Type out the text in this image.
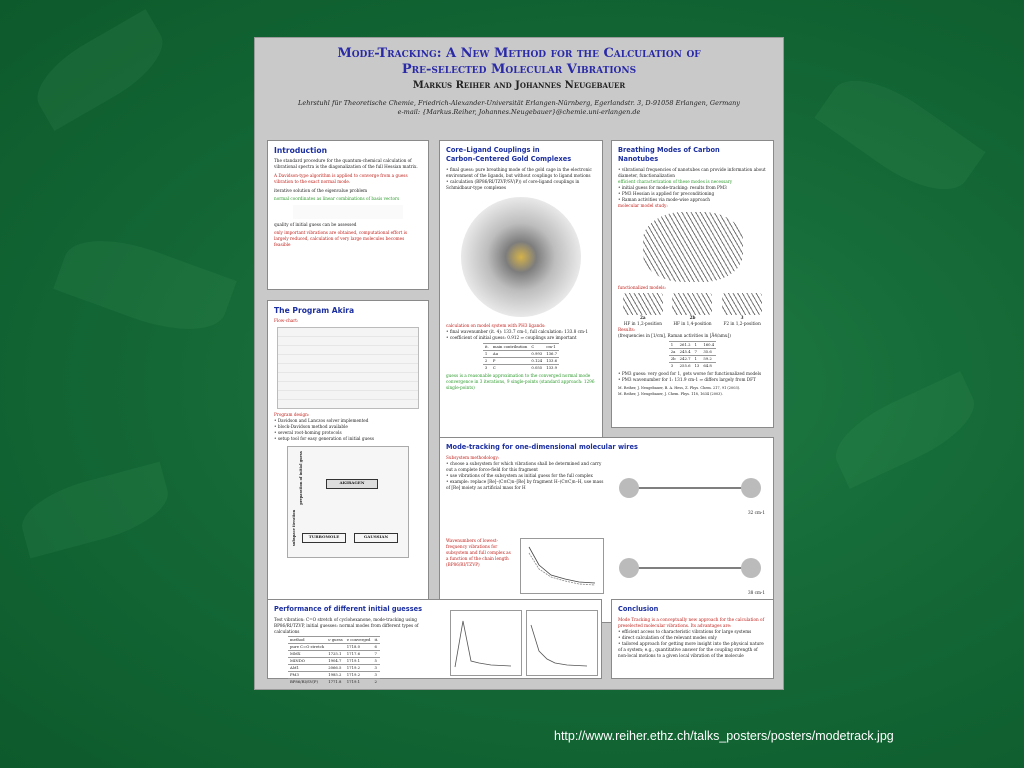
Mode-Tracking: A New Method for the Calculation of
Pre-selected Molecular Vibrations
Markus Reiher and Johannes Neugebauer
Lehrstuhl für Theoretische Chemie, Friedrich-Alexander-Universität Erlangen-Nürnberg, Egerlandstr. 3, D-91058 Erlangen, Germany
e-mail: {Markus.Reiher, Johannes.Neugebauer}@chemie.uni-erlangen.de
Introduction
The standard procedure for the quantum-chemical calculation of vibrational spectra is the diagonalization of the full Hessian matrix.
A Davidson-type algorithm is applied to converge from a guess vibration to the exact normal mode.
iterative solution of the eigenvalue problem
normal coordinates as linear combinations of basis vectors
quality of initial guess can be assessed
only important vibrations are obtained, computational effort is largely reduced, calculation of very large molecules becomes feasible
The Program Akira
Flow-chart:
Program design:
• Davidson and Lanczos solver implemented
• block-Davidson method available
• several root-homing protocols
• setup tool for easy generation of initial guess
preparation of initial guess
subspace iteration
AKIRAGEN
TURBOMOLE	GAUSSIAN
Core–Ligand Couplings in
Carbon-Centered Gold Complexes
• final guess: pure breathing mode of the gold cage in the electronic environment of the ligands, but without couplings to ligand motions
• calculation (BP86/RI/TZVP/SV(P)) of core-ligand couplings in Schmidbaur-type complexes
calculation on model system with PH3 ligands:
• final wavenumber (it. 4): 133.7 cm-1, full calculation: 133.8 cm-1
• coefficient of initial guess: 0.912 ⇒ couplings are important
it.	main contribution	C	cm-1
1	Au	0.993	136.7
2	P	0.124	133.6
3	C	0.055	133.9
guess is a reasonable approximation to the converged normal mode
convergence in 3 iterations, 9 single-points (standard approach: 1296 single-points)
Breathing Modes of Carbon
Nanotubes
• vibrational frequencies of nanotubes can provide information about diameter, functionalization
efficient characterization of these modes is necessary
• initial guess for mode-tracking: results from PM3
• PM3 Hessian is applied for preconditioning
• Raman activities via mode-wise approach
molecular model study:
functionalized models:
2a
HF in 1,2-position
2b
HF in 1,4-position
3
F2 in 1,2-position
Results:
(frequencies in [1/cm], Raman activities in [Å4/amu])
1	261.2	1	160.4
2a	245.4	7	35.6
2b	242.7	1	59.2
3	255.6	13	64.8
• PM3 guess: very good for 1, gets worse for functionalized models
• PM3 wavenumber for 1: 131.9 cm-1 ⇒ differs largely from DFT
M. Reiher, J. Neugebauer, B. A. Hess, Z. Phys. Chem. 217, 91 (2003).
M. Reiher, J. Neugebauer, J. Chem. Phys. 118, 1634 (2003).
Mode-tracking for one-dimensional molecular wires
Subsystem methodology:
• choose a subsystem for which vibrations shall be determined and carry out a complete force-field for this fragment
• use vibrations of the subsystem as initial guess for the full complex
• example: replace [Re]–(C≡C)n–[Re] by fragment H–(C≡C)n–H, use mass of [Re] moiety as artificial mass for H
Wavenumbers of lowest-frequency vibrations for subsystem and full complex as a function of the chain length (BP86/RI/TZVP)
32 cm-1
38 cm-1
Performance of different initial guesses
Test vibration: C=O stretch of cyclohexanone, mode-tracking using BP86/RI/TZVP, initial guesses: normal modes from different types of calculations
method	ν guess	ν converged	it.
pure C=O stretch		1718.0	6
MMX	1725.1	1717.6	7
MINDO	1904.7	1719.1	5
AM1	2066.5	1719.2	3
PM3	1985.2	1719.2	3
BP86/RI/SV(P)	1771.8	1719.1	2
Conclusion
Mode Tracking is a conceptually new approach for the calculation of preselected molecular vibrations. Its advantages are:
• efficient access to characteristic vibrations for large systems
• direct calculation of the relevant modes only
• tailored approach for getting more insight into the physical nature of a system; e.g., quantitative answer for the coupling strength of non-local motions to a given local vibration of the molecule
http://www.reiher.ethz.ch/talks_posters/posters/modetrack.jpg
